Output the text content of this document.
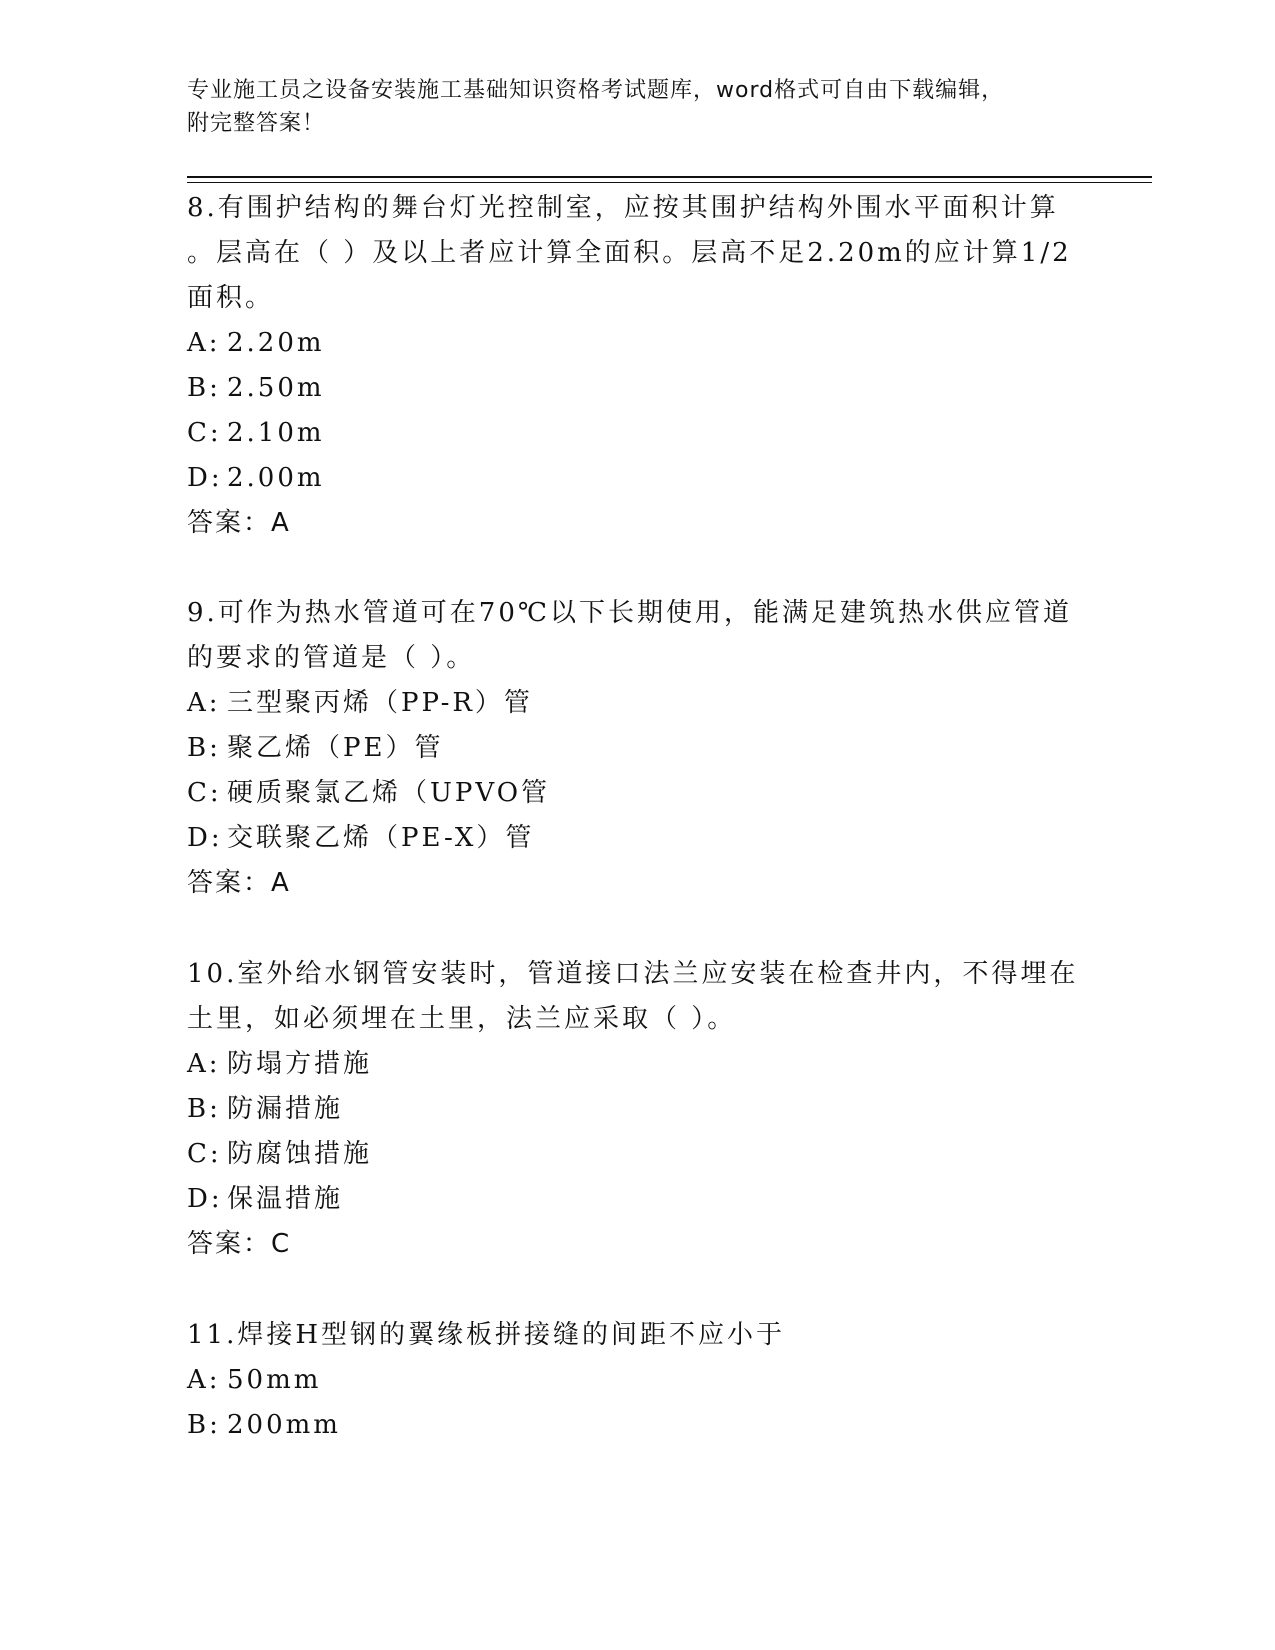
专业施工员之设备安装施工基础知识资格考试题库，word格式可自由下载编辑，
附完整答案！

8.有围护结构的舞台灯光控制室，应按其围护结构外围水平面积计算

。层高在（ ）及以上者应计算全面积。层高不足2.20m的应计算1/2

面积。

A: 2.20m

B: 2.50m

C: 2.10m

D: 2.00m

答案：A

9.可作为热水管道可在70℃以下长期使用，能满足建筑热水供应管道

的要求的管道是（ ）。

A: 三型聚丙烯（PP-R）管

B: 聚乙烯（PE）管

C: 硬质聚氯乙烯（UPVO管

D: 交联聚乙烯（PE-X）管

答案：A

10.室外给水钢管安装时，管道接口法兰应安装在检查井内，不得埋在

土里，如必须埋在土里，法兰应采取（ ）。

A: 防塌方措施

B: 防漏措施

C: 防腐蚀措施

D: 保温措施

答案：C

11.焊接H型钢的翼缘板拼接缝的间距不应小于

A: 50mm

B: 200mm
